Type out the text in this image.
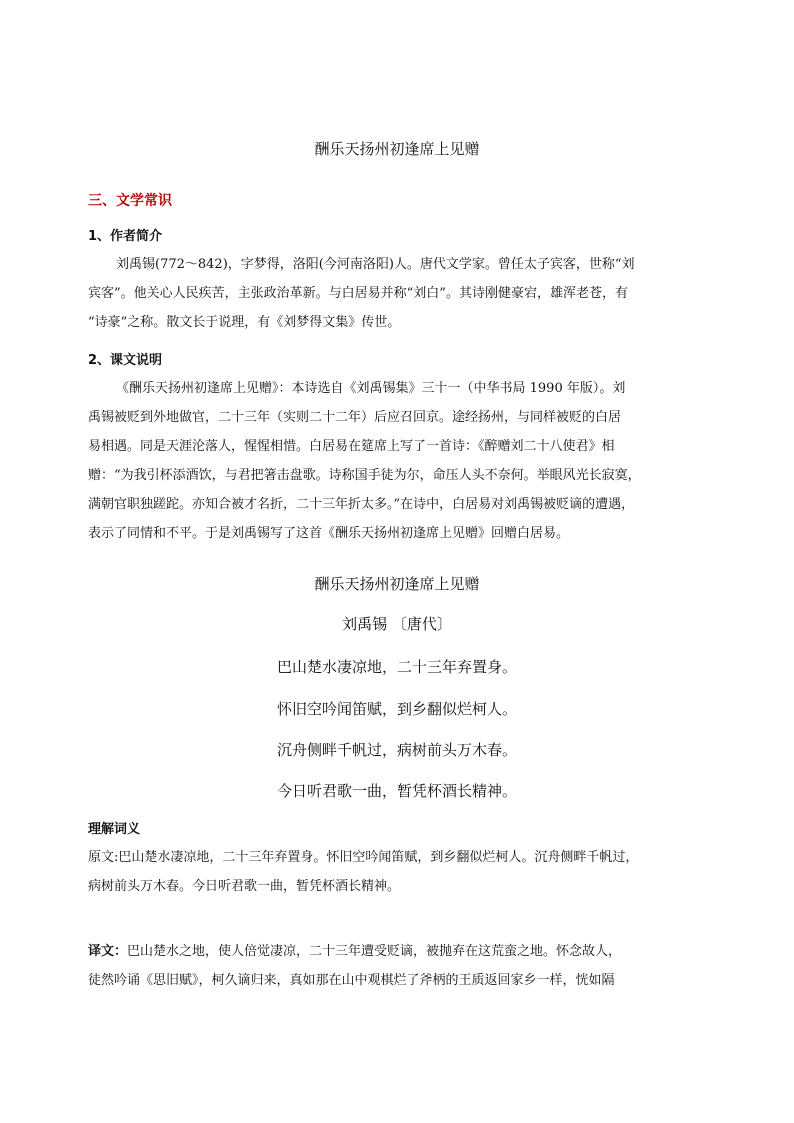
酬乐天扬州初逢席上见赠
三、文学常识
1、作者简介
刘禹锡(772～842)，字梦得，洛阳(今河南洛阳)人。唐代文学家。曾任太子宾客，世称“刘
宾客”。他关心人民疾苦，主张政治革新。与白居易并称“刘白”。其诗刚健豪宕，雄浑老苍，有
“诗豪”之称。散文长于说理，有《刘梦得文集》传世。
2、课文说明
《酬乐天扬州初逢席上见赠》：本诗选自《刘禹锡集》三十一（中华书局 1990 年版）。刘
禹锡被贬到外地做官，二十三年（实则二十二年）后应召回京。途经扬州，与同样被贬的白居
易相遇。同是天涯沦落人，惺惺相惜。白居易在筵席上写了一首诗：《醉赠刘二十八使君》相
赠：“为我引杯添酒饮，与君把箸击盘歌。诗称国手徒为尔，命压人头不奈何。举眼风光长寂寞，
满朝官职独蹉跎。亦知合被才名折，二十三年折太多。”在诗中，白居易对刘禹锡被贬谪的遭遇，
表示了同情和不平。于是刘禹锡写了这首《酬乐天扬州初逢席上见赠》回赠白居易。
酬乐天扬州初逢席上见赠
刘禹锡 〔唐代〕
巴山楚水凄凉地，二十三年弃置身。
怀旧空吟闻笛赋，到乡翻似烂柯人。
沉舟侧畔千帆过，病树前头万木春。
今日听君歌一曲，暂凭杯酒长精神。
理解词义
原文:巴山楚水凄凉地，二十三年弃置身。怀旧空吟闻笛赋，到乡翻似烂柯人。沉舟侧畔千帆过，
病树前头万木春。今日听君歌一曲，暂凭杯酒长精神。
译文：巴山楚水之地，使人倍觉凄凉，二十三年遭受贬谪，被抛弃在这荒蛮之地。怀念故人，
徒然吟诵《思旧赋》，柯久谪归来，真如那在山中观棋烂了斧柄的王质返回家乡一样，恍如隔
